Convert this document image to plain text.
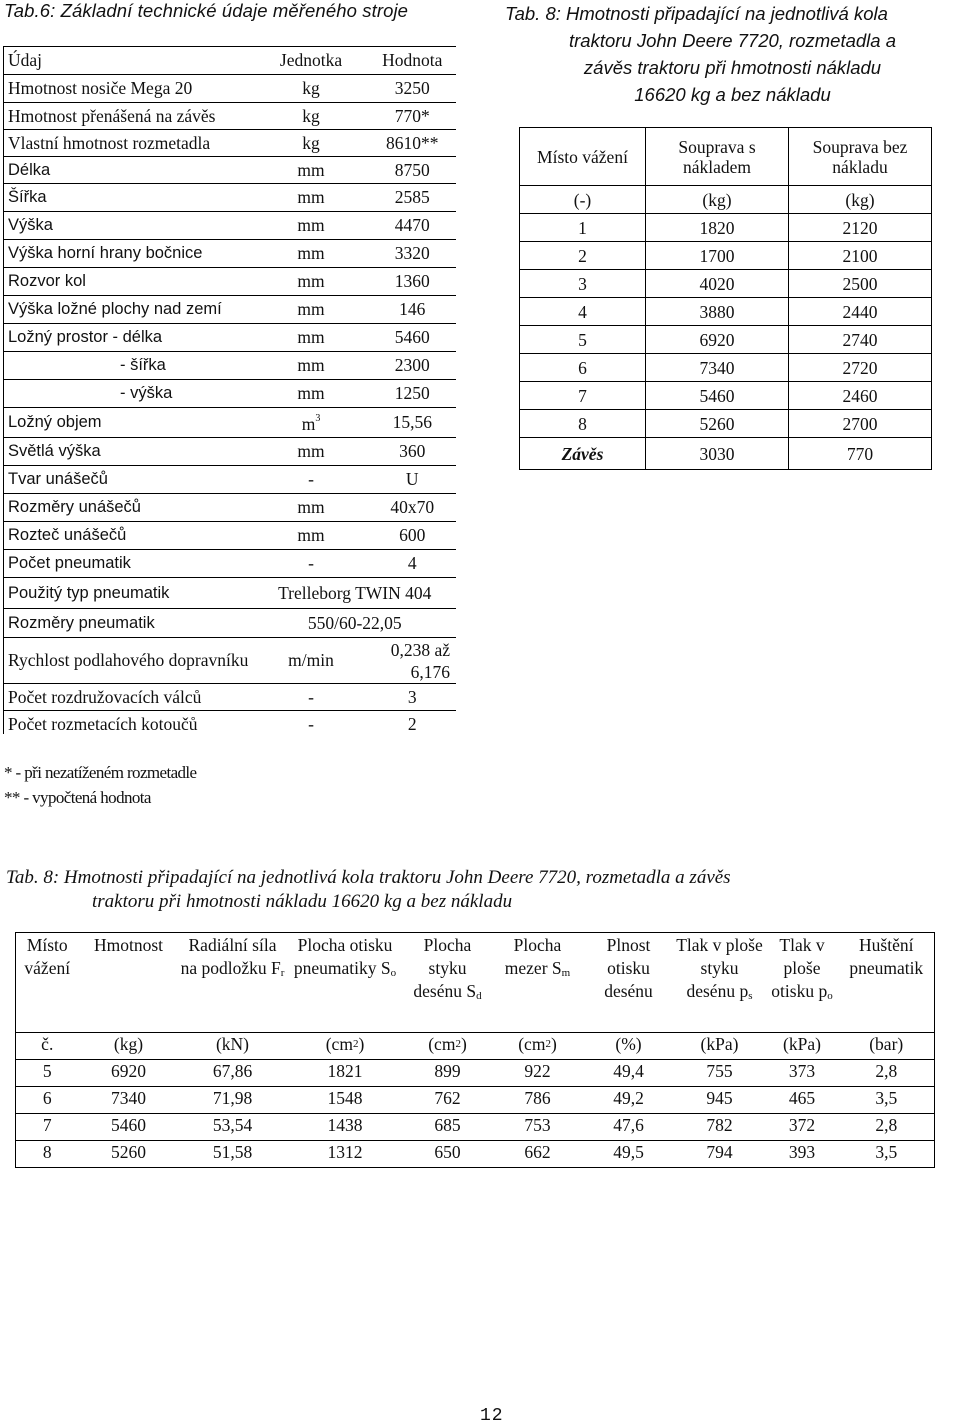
Tab.6: Základní technické údaje měřeného stroje
Údaj	Jednotka	Hodnota
Hmotnost nosiče Mega 20	kg	3250
Hmotnost přenášená na závěs	kg	770*
Vlastní hmotnost rozmetadla	kg	8610**
Délka	mm	8750
Šířka	mm	2585
Výška	mm	4470
Výška horní hrany bočnice	mm	3320
Rozvor kol	mm	1360
Výška ložné plochy nad zemí	mm	146
Ložný prostor - délka	mm	5460
- šířka	mm	2300
- výška	mm	1250
Ložný objem	$m^3$	15,56
Světlá výška	mm	360
Tvar unášečů	-	U
Rozměry unášečů	mm	40x70
Rozteč unášečů	mm	600
Počet pneumatik	-	4
Použitý typ pneumatik	Trelleborg TWIN 404	
Rozměry pneumatik	550/60-22,05	
Rychlost podlahového dopravníku	m/min	0,238 až 6,176
Počet rozdružovacích válců	-	3
Počet rozmetacích kotoučů	-	2
* - při nezatíženém rozmetadle
** - vypočtená hodnota
Tab. 8: Hmotnosti připadající na jednotlivá kola
traktoru John Deere 7720, rozmetadla a
závěs traktoru při hmotnosti nákladu
16620 kg a bez nákladu
Místo vážení	Souprava s nákladem	Souprava bez nákladu
(-)	(kg)	(kg)
1	1820	2120
2	1700	2100
3	4020	2500
4	3880	2440
5	6920	2740
6	7340	2720
7	5460	2460
8	5260	2700
Závěs	3030	770
Tab. 8: Hmotnosti připadající na jednotlivá kola traktoru John Deere 7720, rozmetadla a závěs
traktoru při hmotnosti nákladu 16620 kg a bez nákladu
Místo vážení	Hmotnost	Radiální síla na podložku $F_r$	Plocha otisku pneumatiky $S_o$	Plocha styku desénu $S_d$	Plocha mezer $S_m$	Plnost otisku desénu	Tlak v ploše styku desénu $p_s$	Tlak v ploše otisku $p_o$	Huštění pneumatik
č.	(kg)	(kN)	$(cm^2)$	$(cm^2)$	$(cm^2)$	(%)	(kPa)	(kPa)	(bar)
5	6920	67,86	1821	899	922	49,4	755	373	2,8
6	7340	71,98	1548	762	786	49,2	945	465	3,5
7	5460	53,54	1438	685	753	47,6	782	372	2,8
8	5260	51,58	1312	650	662	49,5	794	393	3,5
12
